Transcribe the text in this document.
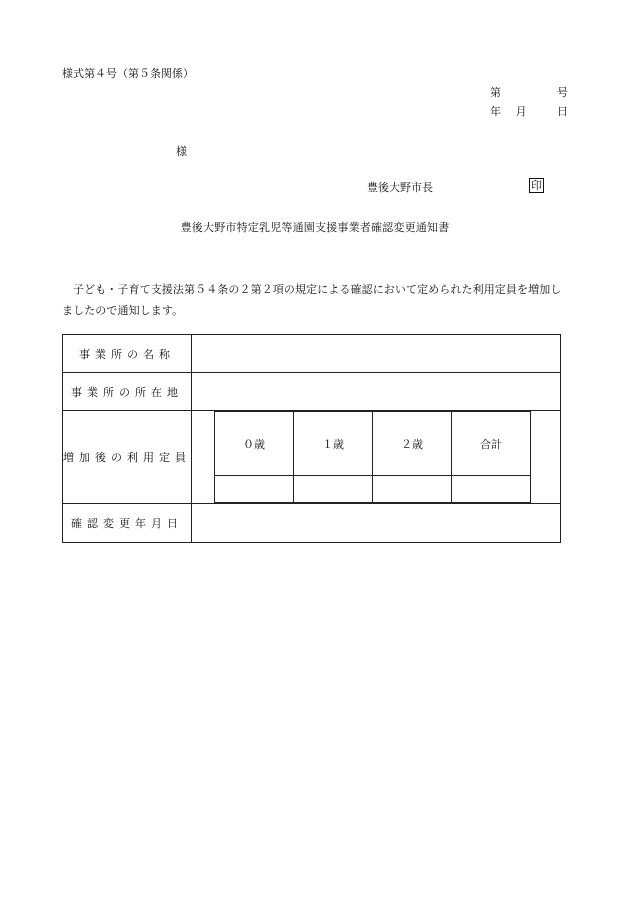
様式第４号（第５条関係）
第	号
年	月	日
様
豊後大野市長	印
豊後大野市特定乳児等通園支援事業者確認変更通知書
子ども・子育て支援法第５４条の２第２項の規定による確認において定められた利用定員を増加しましたので通知します。
事業所の名称	
事業所の所在地	
増加後の利用定員	
０歳	１歳	２歳	合計

確認変更年月日	
